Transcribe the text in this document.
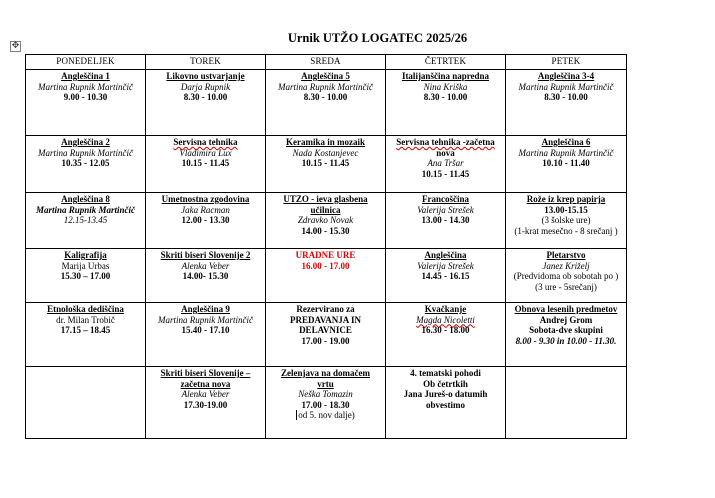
✥
Urnik UTŽO LOGATEC 2025/26
PONEDELJEK	TOREK	SREDA	ČETRTEK	PETEK

Angleščina 1
Martina Rupnik Martinčič
9.00 - 10.30	Likovno ustvarjanje
Darja Rupnik
8.30 - 10.00	Angleščina 5
Martina Rupnik Martinčič
8.30 - 10.00	Italijanščina napredna
Nina Kriška
8.30 - 10.00	Angleščina 3-4
Martina Rupnik Martinčič
8.30 - 10.00

Angleščina 2
Martina Rupnik Martinčič
10.35 - 12.05	Servisna tehnika
Vladimira Lux
10.15 - 11.45	Keramika in mozaik
Nada Kostanjevec
10.15 - 11.45	Servisna tehnika -začetna
nova
Ana Tršar
10.15 - 11.45	Angleščina 6
Martina Rupnik Martinčič
10.10 - 11.40

Angleščina 8
Martina Rupnik Martinčič
12.15-13.45	Umetnostna zgodovina
Jaka Racman
12.00 - 13.30	UTZO - ieva glasbena
učilnica
Zdravko Novak
14.00 - 15.30	Francoščina
Valerija Strešek
13.00 - 14.30	Rože iz krep papirja
13.00-15.15
(3 šolske ure)
(1-krat mesečno - 8 srečanj )

Kaligrafija
Marija Urbas
15.30 – 17.00	Skriti biseri Slovenije 2
Alenka Veber
14.00- 15.30	URADNE URE
16.00 - 17.00	Angleščina
Valerija Strešek
14.45 - 16.15	Pletarstvo
Janez Križelj
(Predvidoma ob sobotah po )
(3 ure - 5srečanj)

Etnološka dediščina
dr. Milan Trobič
17.15 – 18.45	Angleščina 9
Martina Rupnik Martinčič
15.40 - 17.10	Rezervirano za
PREDAVANJA IN
DELAVNICE
17.00 - 19.00	Kvačkanje
Magda Nicoletti
16.30 - 18.00	Obnova lesenih predmetov
Andrej Grom
Sobota-dve skupini
8.00 - 9.30 in 10.00 - 11.30.

	Skriti biseri Slovenije –
začetna nova
Alenka Veber
17.30-19.00	Zelenjava na domačem
vrtu
Neška Tomazin
17.00 - 18.30
od 5. nov dalje)	4. tematski pohodi
Ob četrtkih
Jana Jureš-o datumih
obvestimo	
